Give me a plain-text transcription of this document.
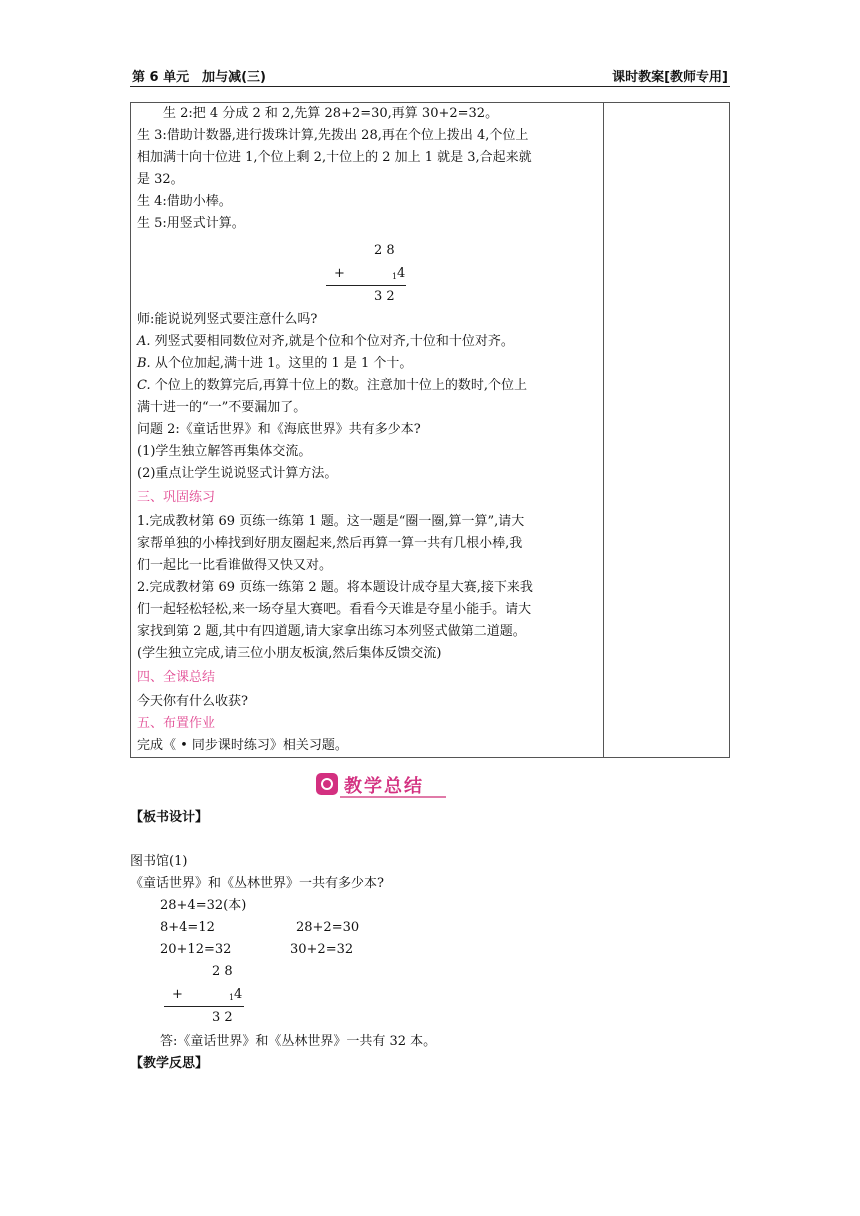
第 6 单元　加与减(三)	课时教案[教师专用]
　　生 2:把 4 分成 2 和 2,先算 28+2=30,再算 30+2=32。
生 3:借助计数器,进行拨珠计算,先拨出 28,再在个位上拨出 4,个位上
相加满十向十位进 1,个位上剩 2,十位上的 2 加上 1 就是 3,合起来就
是 32。
生 4:借助小棒。
生 5:用竖式计算。
2 8
+	1 4
3 2
师:能说说列竖式要注意什么吗?
A. 列竖式要相同数位对齐,就是个位和个位对齐,十位和十位对齐。
B. 从个位加起,满十进 1。这里的 1 是 1 个十。
C. 个位上的数算完后,再算十位上的数。注意加十位上的数时,个位上
满十进一的“一”不要漏加了。
问题 2:《童话世界》和《海底世界》共有多少本?
(1)学生独立解答再集体交流。
(2)重点让学生说说竖式计算方法。
三、巩固练习
1.完成教材第 69 页练一练第 1 题。这一题是“圈一圈,算一算”,请大
家帮单独的小棒找到好朋友圈起来,然后再算一算一共有几根小棒,我
们一起比一比看谁做得又快又对。
2.完成教材第 69 页练一练第 2 题。将本题设计成夺星大赛,接下来我
们一起轻松轻松,来一场夺星大赛吧。看看今天谁是夺星小能手。请大
家找到第 2 题,其中有四道题,请大家拿出练习本列竖式做第二道题。
(学生独立完成,请三位小朋友板演,然后集体反馈交流)
四、全课总结
今天你有什么收获?
五、布置作业
完成《 • 同步课时练习》相关习题。
教学总结
【板书设计】
图书馆(1)
《童话世界》和《丛林世界》一共有多少本?
28+4=32(本)
8+4=12	28+2=30
20+12=32	30+2=32
2 8
+	1 4
3 2
答:《童话世界》和《丛林世界》一共有 32 本。
【教学反思】
